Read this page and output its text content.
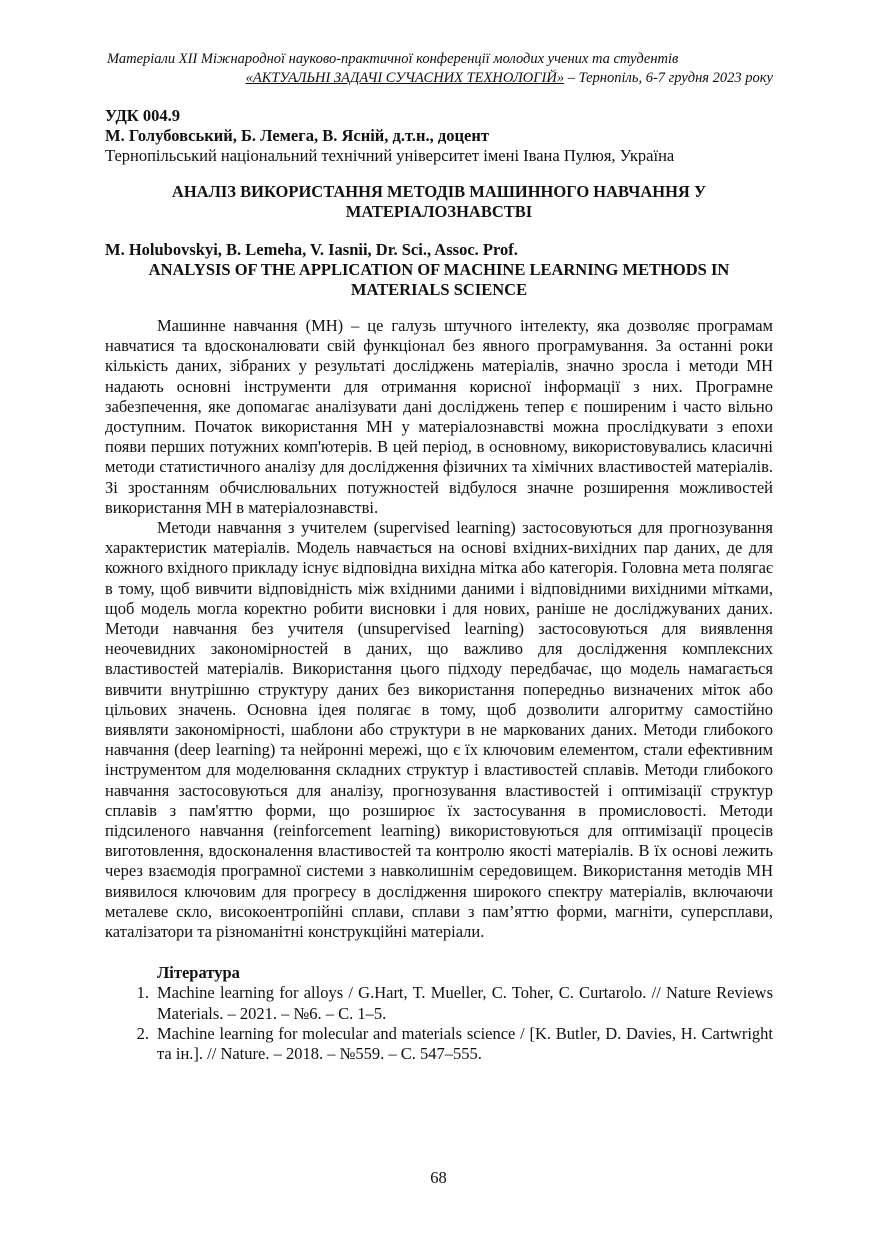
Матеріали XII Міжнародної науково-практичної конференції молодих учених та студентів
«АКТУАЛЬНІ ЗАДАЧІ СУЧАСНИХ ТЕХНОЛОГІЙ» – Тернопіль, 6-7 грудня 2023 року
УДК 004.9
М. Голубовський, Б. Лемега, В. Ясній, д.т.н., доцент
Тернопільський національний технічний університет імені Івана Пулюя, Україна
АНАЛІЗ ВИКОРИСТАННЯ МЕТОДІВ МАШИННОГО НАВЧАННЯ У МАТЕРІАЛОЗНАВСТВІ
M. Holubovskyi, B. Lemeha, V. Iasnii, Dr. Sci., Assoc. Prof.
ANALYSIS OF THE APPLICATION OF MACHINE LEARNING METHODS IN MATERIALS SCIENCE

Машинне навчання (МН) – це галузь штучного інтелекту, яка дозволяє програмам навчатися та вдосконалювати свій функціонал без явного програмування. За останні роки кількість даних, зібраних у результаті досліджень матеріалів, значно зросла і методи МН надають основні інструменти для отримання корисної інформації з них. Програмне забезпечення, яке допомагає аналізувати дані досліджень тепер є поширеним і часто вільно доступним. Початок використання МН у матеріалознавстві можна прослідкувати з епохи появи перших потужних комп'ютерів. В цей період, в основному, використовувались класичні методи статистичного аналізу для дослідження фізичних та хімічних властивостей матеріалів. Зі зростанням обчислювальних потужностей відбулося значне розширення можливостей використання МН в матеріалознавстві.

Методи навчання з учителем (supervised learning) застосовуються для прогнозування характеристик матеріалів. Модель навчається на основі вхідних-вихідних пар даних, де для кожного вхідного прикладу існує відповідна вихідна мітка або категорія. Головна мета полягає в тому, щоб вивчити відповідність між вхідними даними і відповідними вихідними мітками, щоб модель могла коректно робити висновки і для нових, раніше не досліджуваних даних. Методи навчання без учителя (unsupervised learning) застосовуються для виявлення неочевидних закономірностей в даних, що важливо для дослідження комплексних властивостей матеріалів. Використання цього підходу передбачає, що модель намагається вивчити внутрішню структуру даних без використання попередньо визначених міток або цільових значень. Основна ідея полягає в тому, щоб дозволити алгоритму самостійно виявляти закономірності, шаблони або структури в не маркованих даних. Методи глибокого навчання (deep learning) та нейронні мережі, що є їх ключовим елементом, стали ефективним інструментом для моделювання складних структур і властивостей сплавів. Методи глибокого навчання застосовуються для аналізу, прогнозування властивостей і оптимізації структур сплавів з пам'яттю форми, що розширює їх застосування в промисловості. Методи підсиленого навчання (reinforcement learning) використовуються для оптимізації процесів виготовлення, вдосконалення властивостей та контролю якості матеріалів. В їх основі лежить через взаємодія програмної системи з навколишнім середовищем. Використання методів МН виявилося ключовим для прогресу в дослідження широкого спектру матеріалів, включаючи металеве скло, високоентропійні сплави, сплави з пам’яттю форми, магніти, суперсплави, каталізатори та різноманітні конструкційні матеріали.

Література
1. Machine learning for alloys / G.Hart, T. Mueller, C. Toher, C. Curtarolo. // Nature Reviews Materials. – 2021. – №6. – С. 1–5.
2. Machine learning for molecular and materials science / [K. Butler, D. Davies, H. Cartwright та ін.]. // Nature. – 2018. – №559. – С. 547–555.
68
